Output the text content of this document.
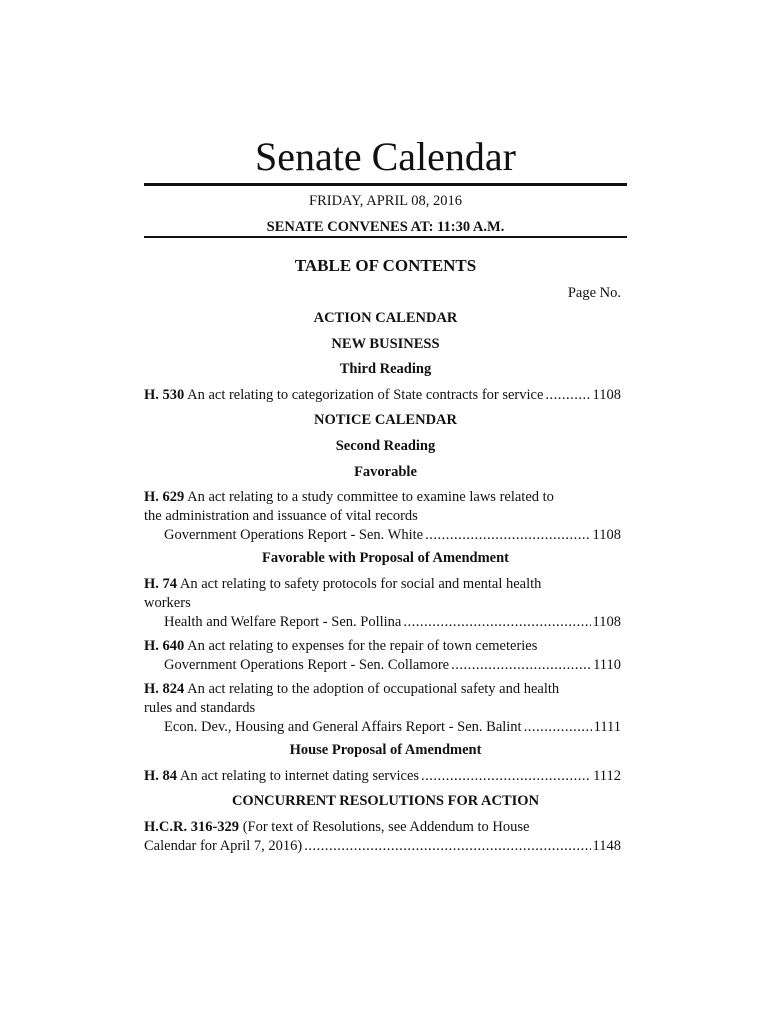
Senate Calendar
FRIDAY, APRIL 08, 2016
SENATE CONVENES AT: 11:30 A.M.
TABLE OF CONTENTS
Page No.
ACTION CALENDAR
NEW BUSINESS
Third Reading
H. 530 An act relating to categorization of State contracts for service .....	1108
NOTICE CALENDAR
Second Reading
Favorable
H. 629 An act relating to a study committee to examine laws related to
the administration and issuance of vital records
Government Operations Report - Sen. White .....	1108
Favorable with Proposal of Amendment
H. 74 An act relating to safety protocols for social and mental health
workers
Health and Welfare Report - Sen. Pollina .....	1108
H. 640 An act relating to expenses for the repair of town cemeteries
Government Operations Report - Sen. Collamore .....	1110
H. 824 An act relating to the adoption of occupational safety and health
rules and standards
Econ. Dev., Housing and General Affairs Report - Sen. Balint .....	1111
House Proposal of Amendment
H. 84 An act relating to internet dating services .....	1112
CONCURRENT RESOLUTIONS FOR ACTION
H.C.R. 316-329 (For text of Resolutions, see Addendum to House
Calendar for April 7, 2016) .....	1148
